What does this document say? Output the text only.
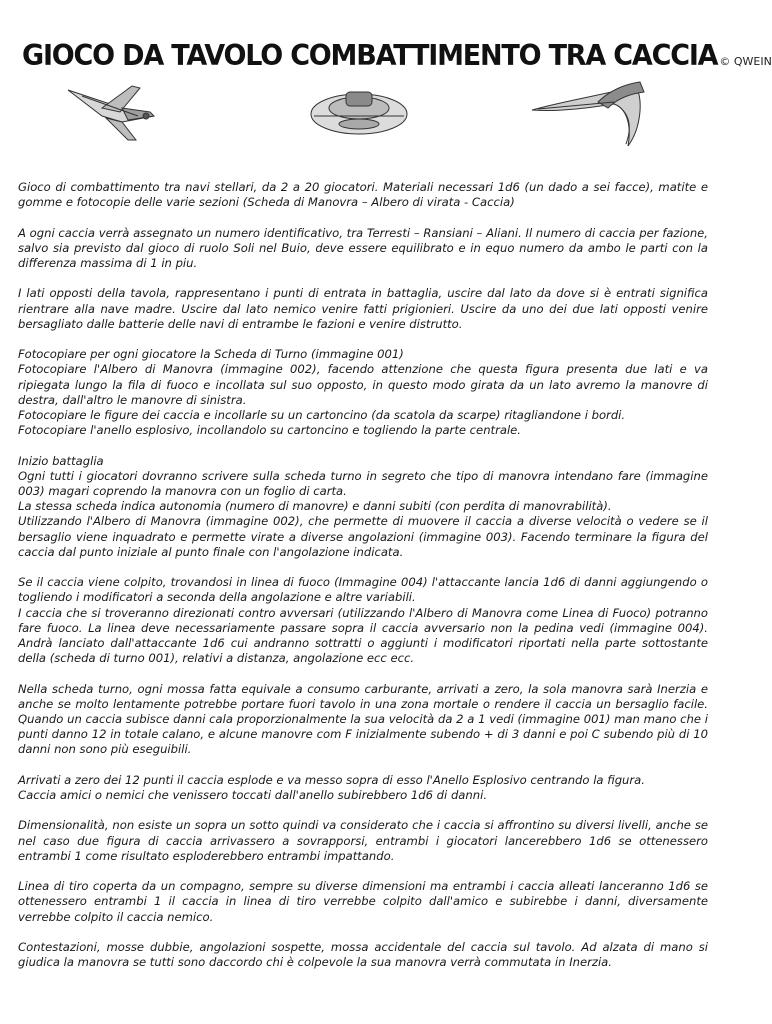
GIOCO DA TAVOLO COMBATTIMENTO TRA CACCIA © QWEIN

Gioco di combattimento tra navi stellari, da 2 a 20 giocatori. Materiali necessari 1d6 (un dado a sei facce), matite e gomme e fotocopie delle varie sezioni (Scheda di Manovra – Albero di virata - Caccia)

A ogni caccia verrà assegnato un numero identificativo, tra Terresti – Ransiani – Aliani. Il numero di caccia per fazione, salvo sia previsto dal gioco di ruolo Soli nel Buio, deve essere equilibrato e in equo numero da ambo le parti con la differenza massima di 1 in piu.

I lati opposti della tavola, rappresentano i punti di entrata in battaglia, uscire dal lato da dove si è entrati significa rientrare alla nave madre. Uscire dal lato nemico venire fatti prigionieri. Uscire da uno dei due lati opposti venire bersagliato dalle batterie delle navi di entrambe le fazioni e venire distrutto.

Fotocopiare per ogni giocatore la Scheda di Turno (immagine 001)
Fotocopiare l'Albero di Manovra (immagine 002), facendo attenzione che questa figura presenta due lati e va ripiegata lungo la fila di fuoco e incollata sul suo opposto, in questo modo girata da un lato avremo la manovre di destra, dall'altro le manovre di sinistra.
Fotocopiare le figure dei caccia e incollarle su un cartoncino (da scatola da scarpe) ritagliandone i bordi.
Fotocopiare l'anello esplosivo, incollandolo su cartoncino e togliendo la parte centrale.

Inizio battaglia
Ogni tutti i giocatori dovranno scrivere sulla scheda turno in segreto che tipo di manovra intendano fare (immagine 003) magari coprendo la manovra con un foglio di carta.
La stessa scheda indica autonomia (numero di manovre) e danni subiti (con perdita di manovrabilità).
Utilizzando l'Albero di Manovra (immagine 002), che permette di muovere il caccia a diverse velocità o vedere se il bersaglio viene inquadrato e permette virate a diverse angolazioni (immagine 003). Facendo terminare la figura del caccia dal punto iniziale al punto finale con l'angolazione indicata.

Se il caccia viene colpito, trovandosi in linea di fuoco (Immagine 004) l'attaccante lancia 1d6 di danni aggiungendo o togliendo i modificatori a seconda della angolazione e altre variabili.
I caccia che si troveranno direzionati contro avversari (utilizzando l'Albero di Manovra come Linea di Fuoco) potranno fare fuoco. La linea deve necessariamente passare sopra il caccia avversario non la pedina vedi (immagine 004). Andrà lanciato dall'attaccante 1d6 cui andranno sottratti o aggiunti i modificatori riportati nella parte sottostante della (scheda di turno 001), relativi a distanza, angolazione ecc ecc.

Nella scheda turno, ogni mossa fatta equivale a consumo carburante, arrivati a zero, la sola manovra sarà Inerzia e anche se molto lentamente potrebbe portare fuori tavolo in una zona mortale o rendere il caccia un bersaglio facile. Quando un caccia subisce danni cala proporzionalmente la sua velocità da 2 a 1 vedi (immagine 001) man mano che i punti danno 12 in totale calano, e alcune manovre com F inizialmente subendo + di 3 danni e poi C subendo più di 10 danni non sono più eseguibili.

Arrivati a zero dei 12 punti il caccia esplode e va messo sopra di esso l'Anello Esplosivo centrando la figura.
Caccia amici o nemici che venissero toccati dall'anello subirebbero 1d6 di danni.

Dimensionalità, non esiste un sopra un sotto quindi va considerato che i caccia si affrontino su diversi livelli, anche se nel caso due figura di caccia arrivassero a sovrapporsi, entrambi i giocatori lancerebbero 1d6 se ottenessero entrambi 1 come risultato esploderebbero entrambi impattando.

Linea di tiro coperta da un compagno, sempre su diverse dimensioni ma entrambi i caccia alleati lanceranno 1d6 se ottenessero entrambi 1 il caccia in linea di tiro verrebbe colpito dall'amico e subirebbe i danni, diversamente verrebbe colpito il caccia nemico.

Contestazioni, mosse dubbie, angolazioni sospette, mossa accidentale del caccia sul tavolo. Ad alzata di mano si giudica la manovra se tutti sono daccordo chi è colpevole la sua manovra verrà commutata in Inerzia.
